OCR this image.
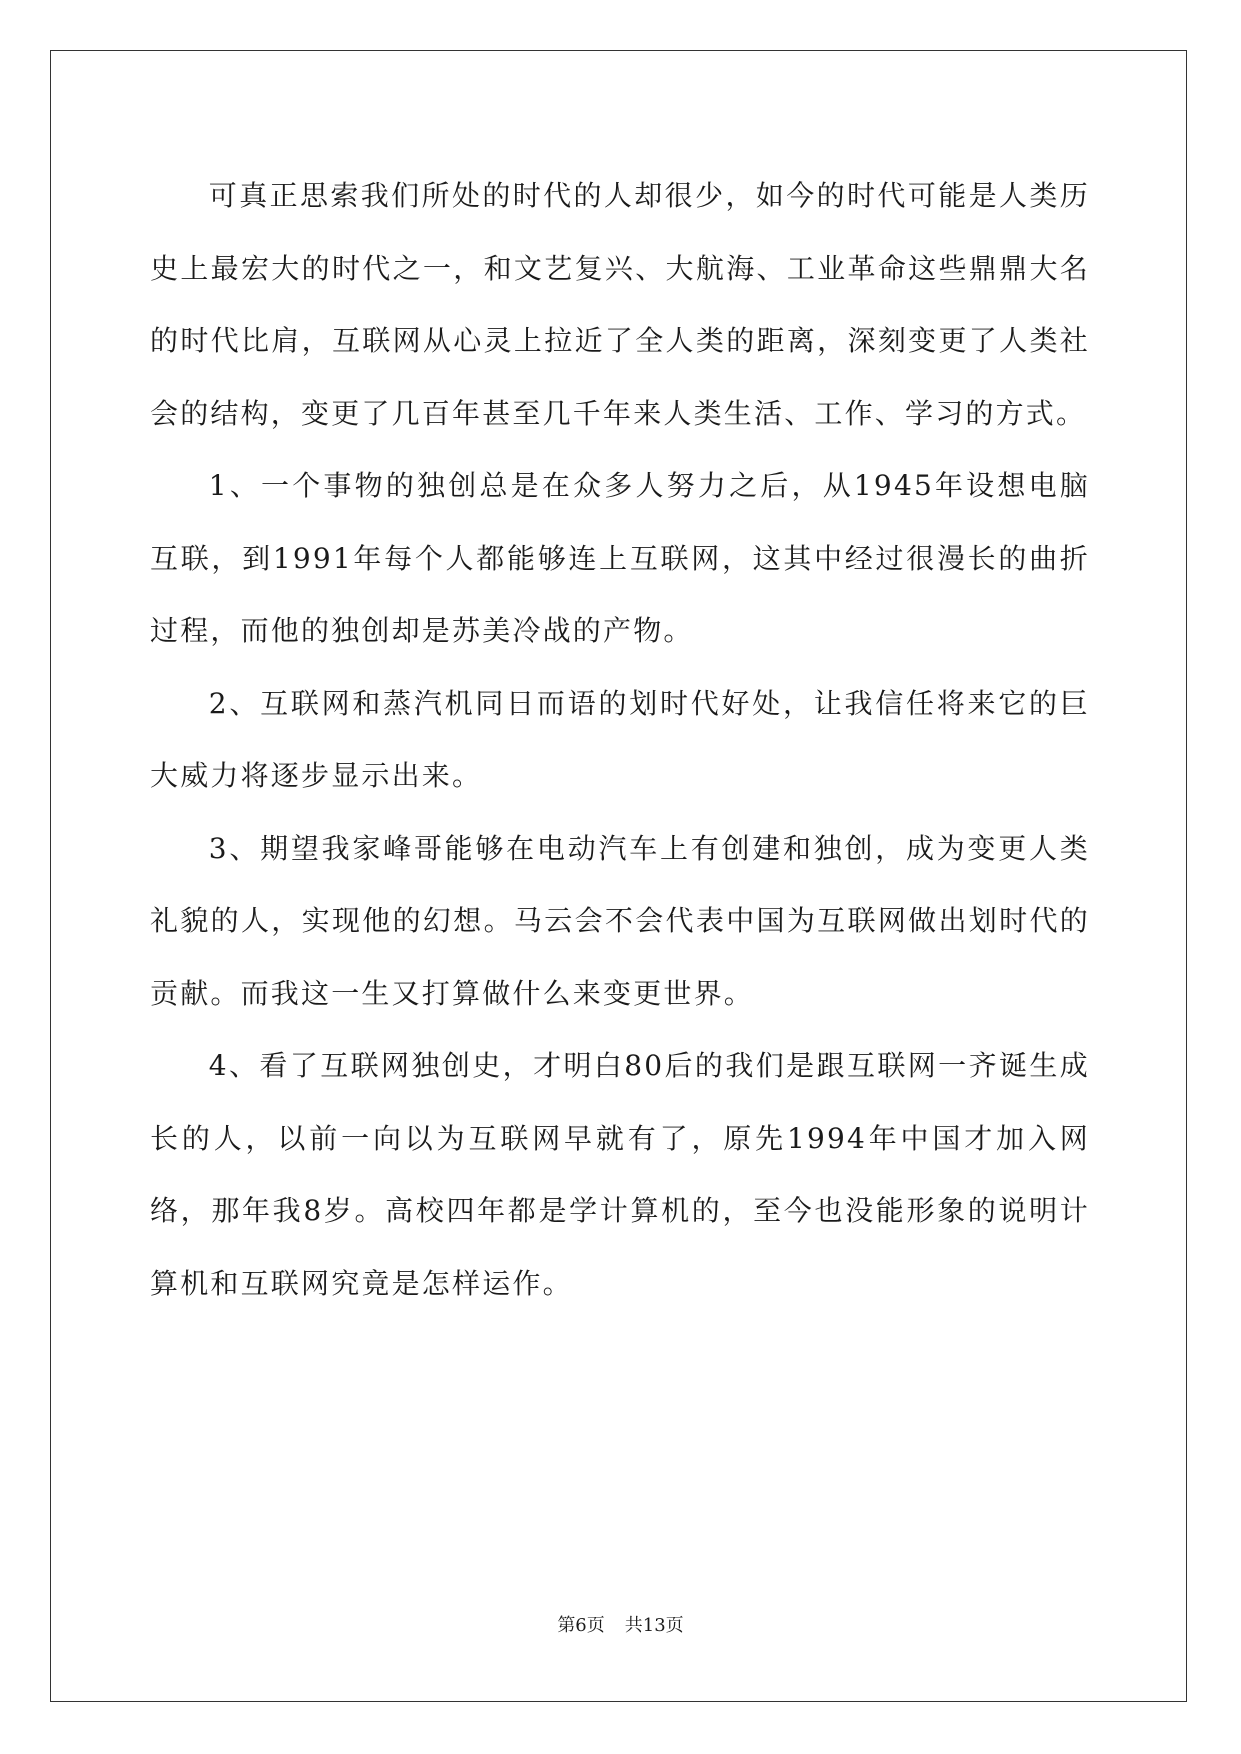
可真正思索我们所处的时代的人却很少，如今的时代可能是人类历史上最宏大的时代之一，和文艺复兴、大航海、工业革命这些鼎鼎大名的时代比肩，互联网从心灵上拉近了全人类的距离，深刻变更了人类社会的结构，变更了几百年甚至几千年来人类生活、工作、学习的方式。

1、一个事物的独创总是在众多人努力之后，从1945年设想电脑互联，到1991年每个人都能够连上互联网，这其中经过很漫长的曲折过程，而他的独创却是苏美冷战的产物。

2、互联网和蒸汽机同日而语的划时代好处，让我信任将来它的巨大威力将逐步显示出来。

3、期望我家峰哥能够在电动汽车上有创建和独创，成为变更人类礼貌的人，实现他的幻想。马云会不会代表中国为互联网做出划时代的贡献。而我这一生又打算做什么来变更世界。

4、看了互联网独创史，才明白80后的我们是跟互联网一齐诞生成长的人，以前一向以为互联网早就有了，原先1994年中国才加入网络，那年我8岁。高校四年都是学计算机的，至今也没能形象的说明计算机和互联网究竟是怎样运作。

第6页 共13页
